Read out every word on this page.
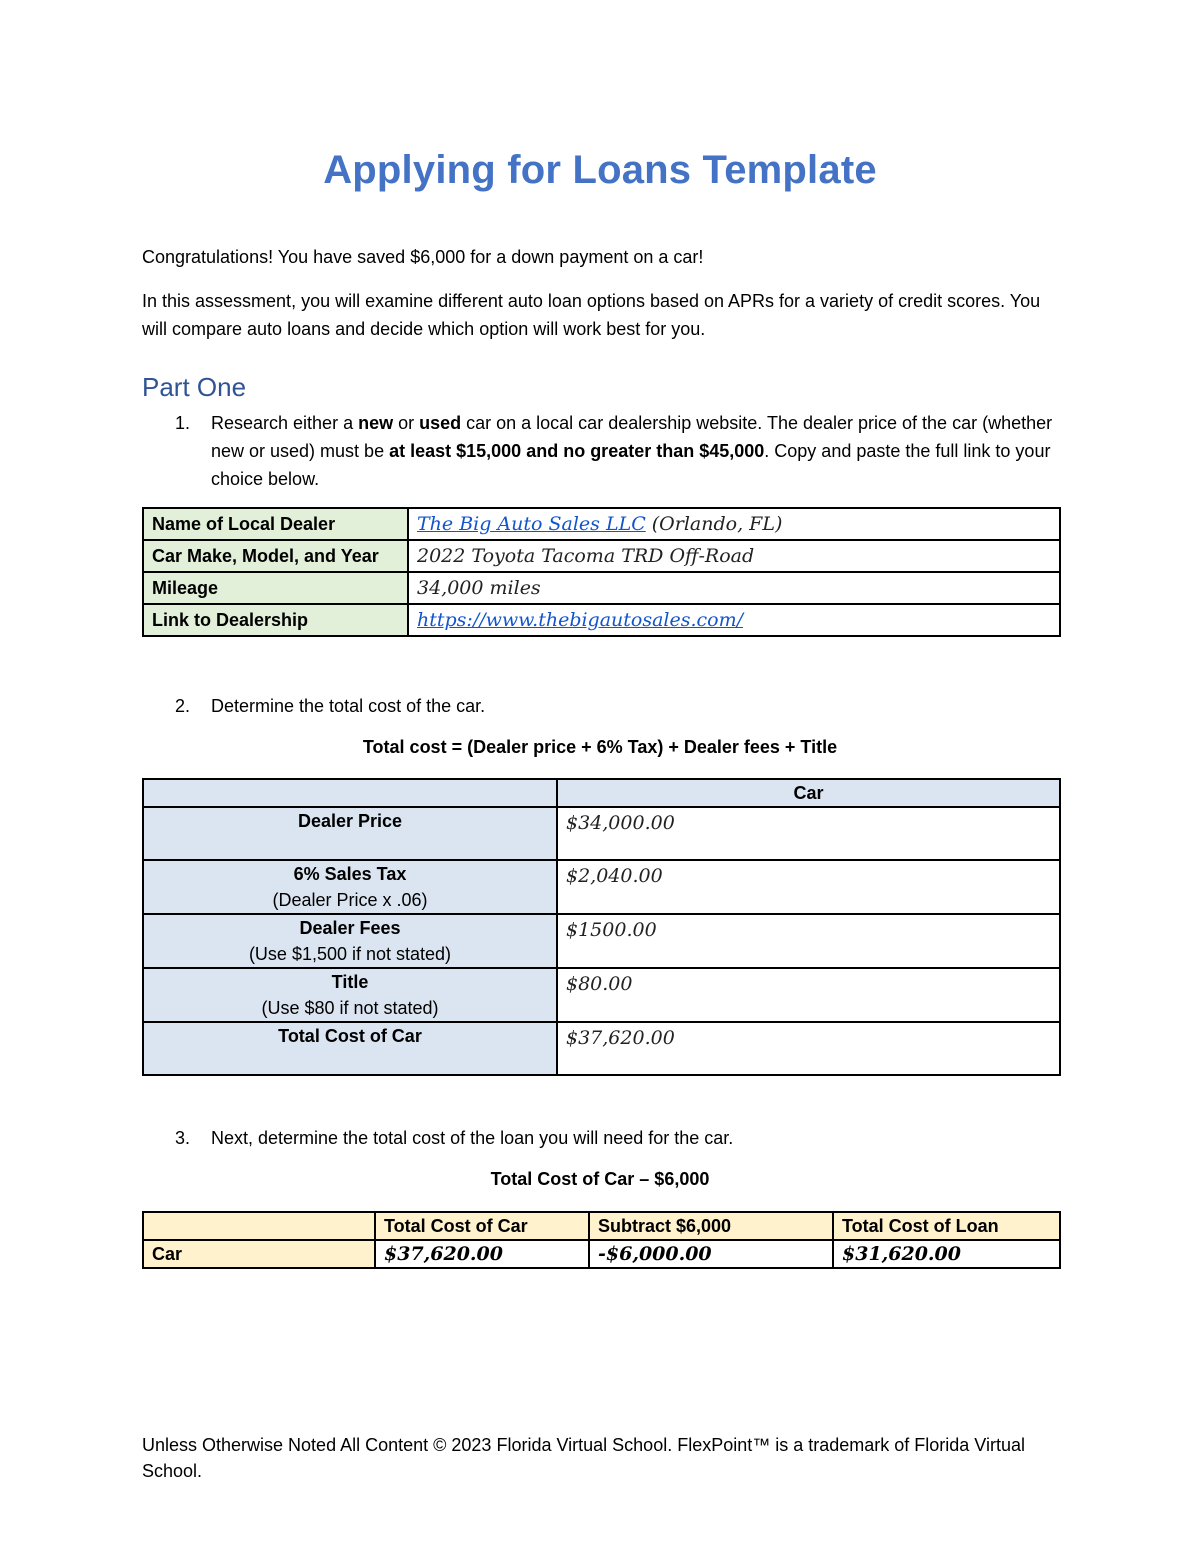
Applying for Loans Template
Congratulations! You have saved $6,000 for a down payment on a car!
In this assessment, you will examine different auto loan options based on APRs for a variety of credit scores. You will compare auto loans and decide which option will work best for you.
Part One
1. Research either a new or used car on a local car dealership website. The dealer price of the car (whether new or used) must be at least $15,000 and no greater than $45,000. Copy and paste the full link to your choice below.
Name of Local Dealer	The Big Auto Sales LLC (Orlando, FL)
Car Make, Model, and Year	2022 Toyota Tacoma TRD Off-Road
Mileage	34,000 miles
Link to Dealership	https://www.thebigautosales.com/
2. Determine the total cost of the car.
Total cost = (Dealer price + 6% Tax) + Dealer fees + Title
	Car

Dealer Price	$34,000.00

6% Sales Tax
(Dealer Price x .06)	$2,040.00

Dealer Fees
(Use $1,500 if not stated)	$1500.00

Title
(Use $80 if not stated)	$80.00

Total Cost of Car	$37,620.00
3. Next, determine the total cost of the loan you will need for the car.
Total Cost of Car – $6,000
	Total Cost of Car	Subtract $6,000	Total Cost of Loan
Car	$37,620.00	-$6,000.00	$31,620.00
Unless Otherwise Noted All Content © 2023 Florida Virtual School. FlexPoint™ is a trademark of Florida Virtual School.
